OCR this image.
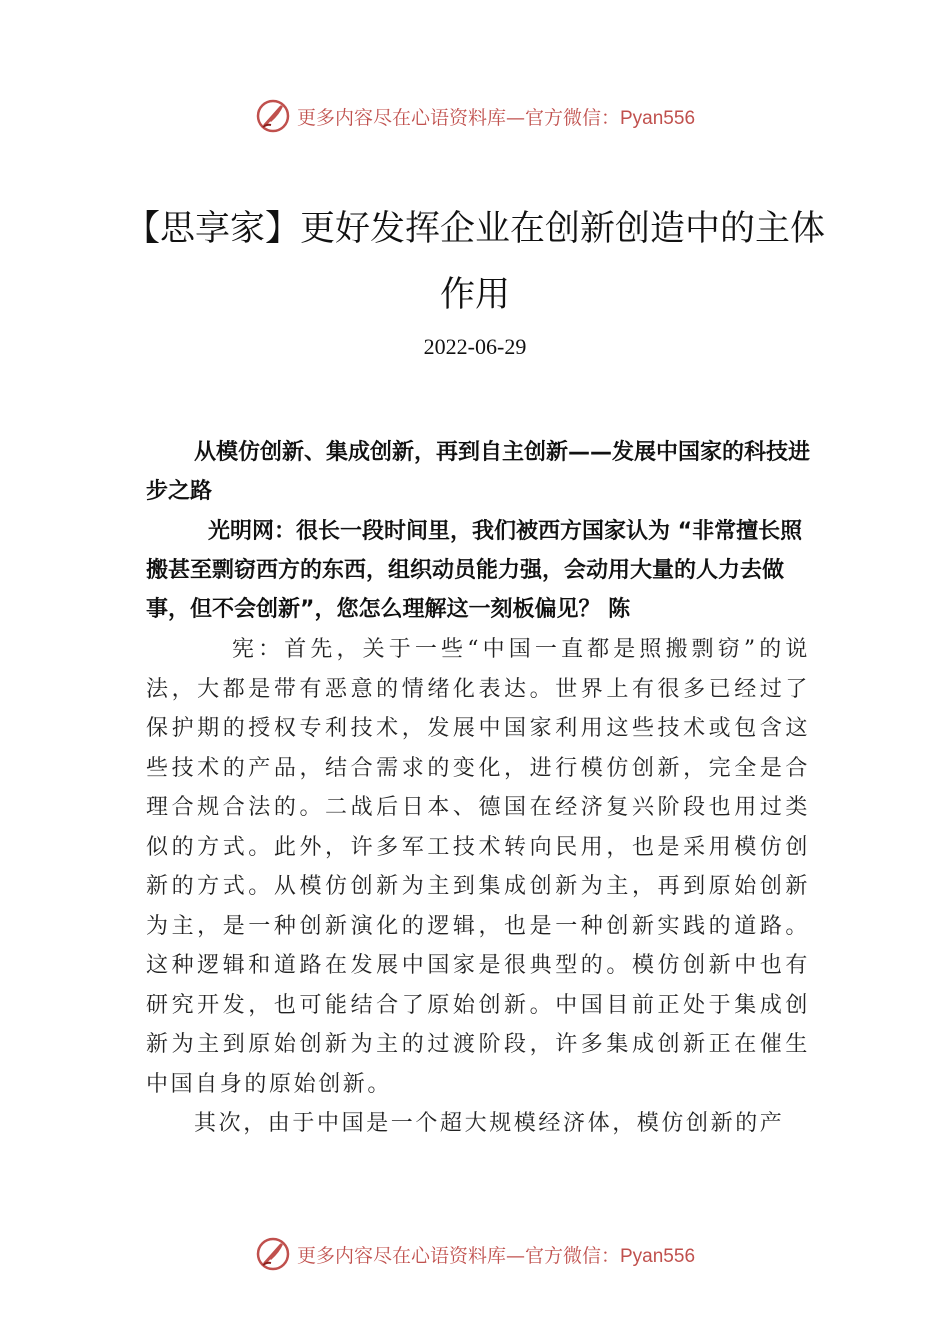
更多内容尽在心语资料库—官方微信：Pyan556
【思享家】更好发挥企业在创新创造中的主体作用
2022-06-29
从模仿创新、集成创新，再到自主创新——发展中国家的科技进步之路
光明网：很长一段时间里，我们被西方国家认为 “非常擅长照搬甚至剽窃西方的东西，组织动员能力强，会动用大量的人力去做事，但不会创新”，您怎么理解这一刻板偏见？ 陈

宪：首先，关于一些“中国一直都是照搬剽窃”的说法，大都是带有恶意的情绪化表达。世界上有很多已经过了保护期的授权专利技术，发展中国家利用这些技术或包含这些技术的产品，结合需求的变化，进行模仿创新，完全是合理合规合法的。二战后日本、德国在经济复兴阶段也用过类似的方式。此外，许多军工技术转向民用，也是采用模仿创新的方式。从模仿创新为主到集成创新为主，再到原始创新为主，是一种创新演化的逻辑，也是一种创新实践的道路。 这种逻辑和道路在发展中国家是很典型的。模仿创新中也有研究开发，也可能结合了原始创新。中国目前正处于集成创新为主到原始创新为主的过渡阶段，许多集成创新正在催生中国自身的原始创新。

其次，由于中国是一个超大规模经济体，模仿创新的产

更多内容尽在心语资料库—官方微信：Pyan556
